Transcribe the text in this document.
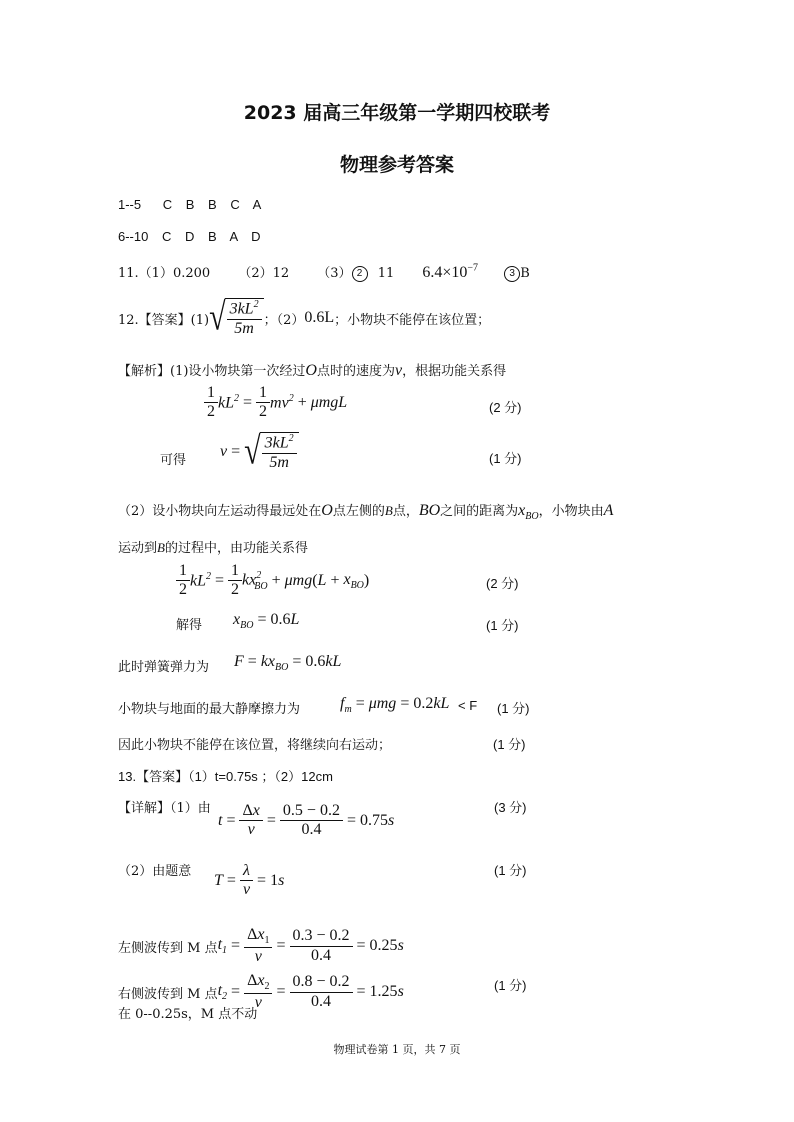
2023 届高三年级第一学期四校联考
物理参考答案
1--5 C B B C A
6--10 C D B A D
11.（1）0.200 （2）12 （3） 2 11 $6.4\times 10^{-7}$	3 B
12.【答案】(1) √ $\frac{3kL^2}{5m}$ ；（2） 0.6L ；小物块不能停在该位置；
【解析】(1)设小物块第一次经过O点时的速度为v，根据功能关系得
$\frac{1}{2} kL^2 = \frac{1}{2} mv^2 + \mu mgL$	(2 分)
可得
v = √ $\frac{3kL^2}{5m}$	(1 分)
（2）设小物块向左运动得最远处在O点左侧的B点，BO之间的距离为$x_{BO}$，小物块由A
运动到B的过程中，由功能关系得
$\frac{1}{2} kL^2 = \frac{1}{2} kx^2_{BO} + \mu mg$ ( $L + x_{BO}$ )	(2 分)
解得 $x_{BO} = 0.6L$	(1 分)
此时弹簧弹力为 $F = kx_{BO} = 0.6kL$
小物块与地面的最大静摩擦力为 $f_m = \mu mg = 0.2kL < F$ (1 分)
因此小物块不能停在该位置，将继续向右运动；	(1 分)
13.【答案】（1）t=0.75s ；（2）12cm
【详解】（1）由
$t = \frac{\Delta x}{v} = \frac{0.5 - 0.2}{0.4} = 0.75$ s
(3 分)
（2）由题意
$T = \frac{\lambda}{v} = 1$ s
(1 分)
左侧波传到 M 点 $t_1 = \frac{\Delta x_1}{v} = \frac{0.3 - 0.2}{0.4} = 0.25$ s
右侧波传到 M 点 $t_2 = \frac{\Delta x_2}{v} = \frac{0.8 - 0.2}{0.4} = 1.25$ s	(1 分)
在 0--0.25s，M 点不动
物理试卷第 1 页，共 7 页
